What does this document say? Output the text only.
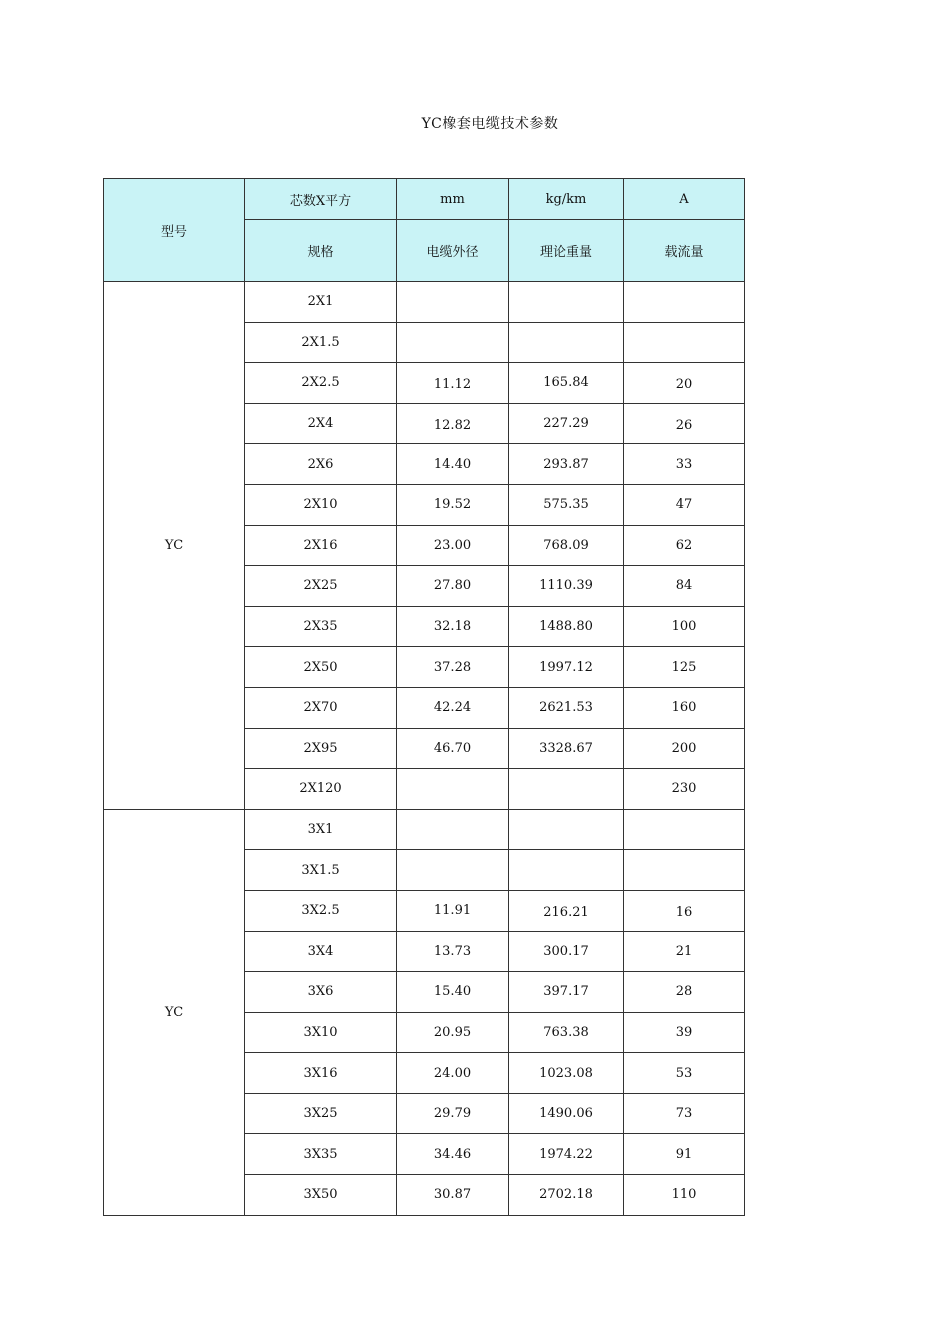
YC橡套电缆技术参数
型号	芯数X平方	mm	kg/km	A
	规格	电缆外径	理论重量	载流量
YC	2X1			
	2X1.5			
	2X2.5	11.12	165.84	20
	2X4	12.82	227.29	26
	2X6	14.40	293.87	33
	2X10	19.52	575.35	47
	2X16	23.00	768.09	62
	2X25	27.80	1110.39	84
	2X35	32.18	1488.80	100
	2X50	37.28	1997.12	125
	2X70	42.24	2621.53	160
	2X95	46.70	3328.67	200
	2X120			230
YC	3X1			
	3X1.5			
	3X2.5	11.91	216.21	16
	3X4	13.73	300.17	21
	3X6	15.40	397.17	28
	3X10	20.95	763.38	39
	3X16	24.00	1023.08	53
	3X25	29.79	1490.06	73
	3X35	34.46	1974.22	91
	3X50	30.87	2702.18	110
